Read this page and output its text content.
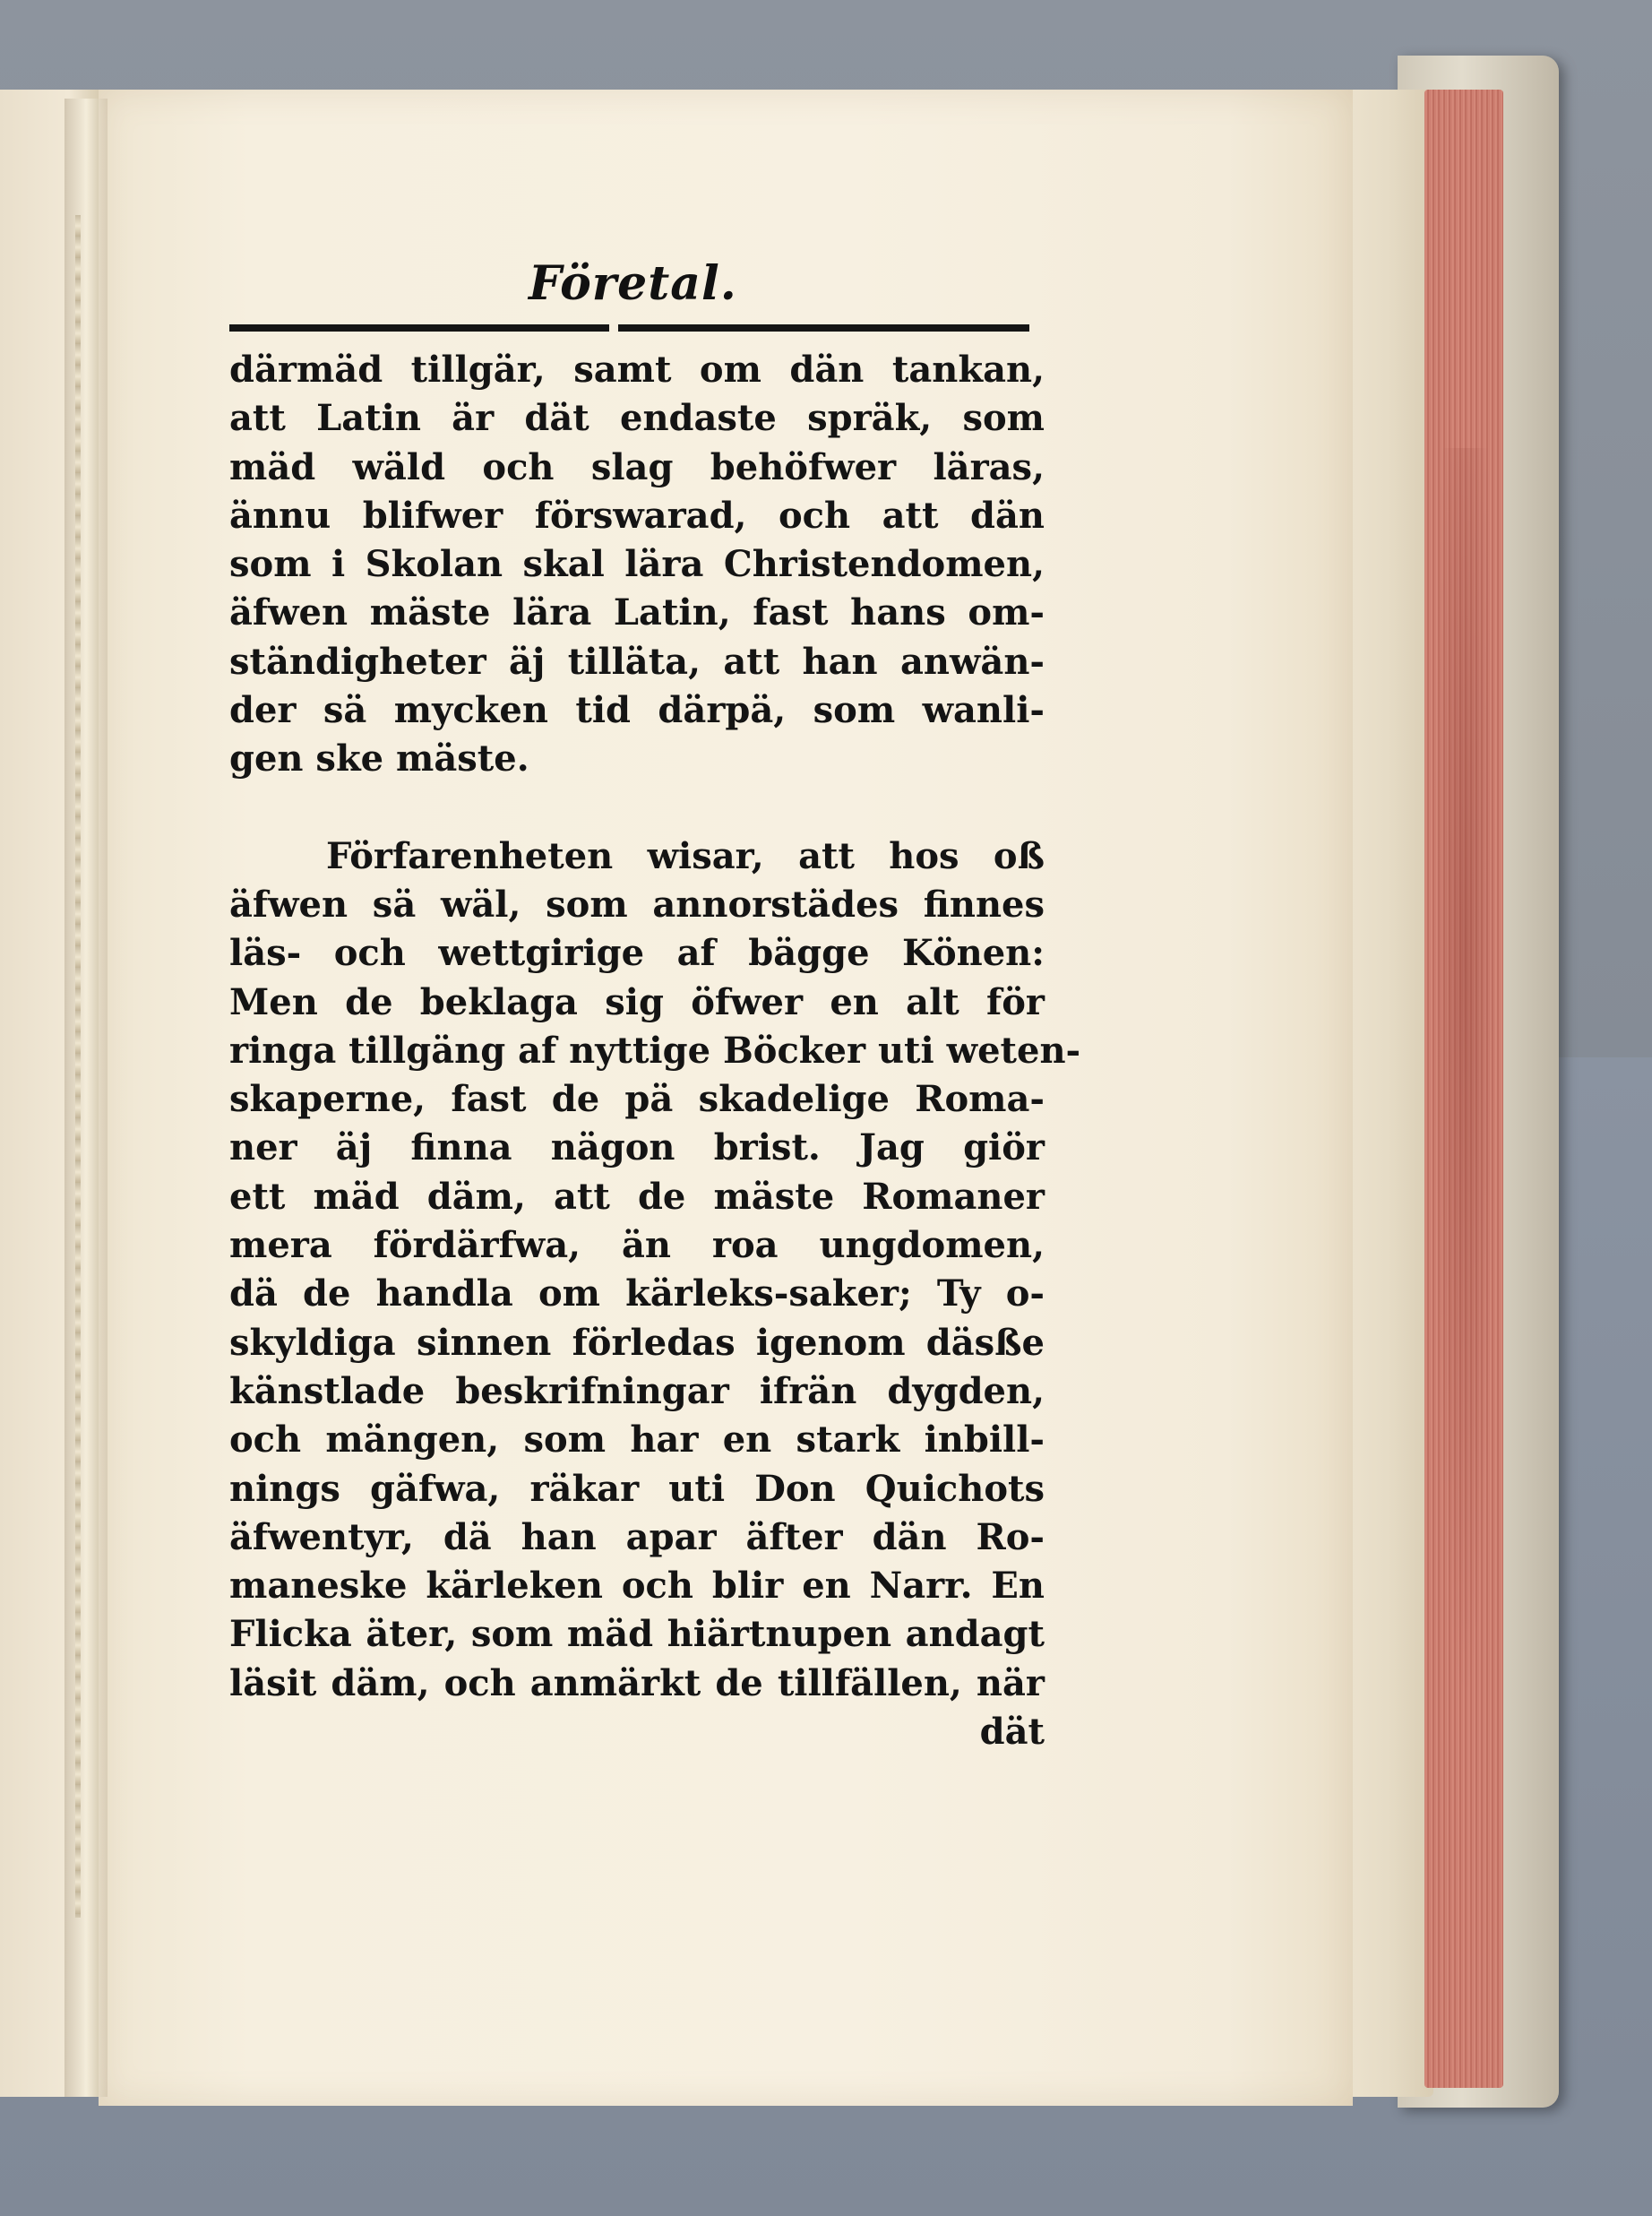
Företal.
därmäd tillgär, samt om dän tankan,
att Latin är dät endaste spräk, som
mäd wäld och slag behöfwer läras,
ännu blifwer förswarad, och att dän
som i Skolan skal lära Christendomen,
äfwen mäste lära Latin, fast hans om-
ständigheter äj tilläta, att han anwän-
der sä mycken tid därpä, som wanli-
gen ske mäste.
Förfarenheten wisar, att hos oß
äfwen sä wäl, som annorstädes finnes
läs- och wettgirige af bägge Könen:
Men de beklaga sig öfwer en alt för
ringa tillgäng af nyttige Böcker uti weten-
skaperne, fast de pä skadelige Roma-
ner äj finna nägon brist. Jag giör
ett mäd däm, att de mäste Romaner
mera fördärfwa, än roa ungdomen,
dä de handla om kärleks-saker; Ty o-
skyldiga sinnen förledas igenom däsße
känstlade beskrifningar ifrän dygden,
och mängen, som har en stark inbill-
nings gäfwa, räkar uti Don Quichots
äfwentyr, dä han apar äfter dän Ro-
maneske kärleken och blir en Narr. En
Flicka äter, som mäd hiärtnupen andagt
läsit däm, och anmärkt de tillfällen, när
dät
